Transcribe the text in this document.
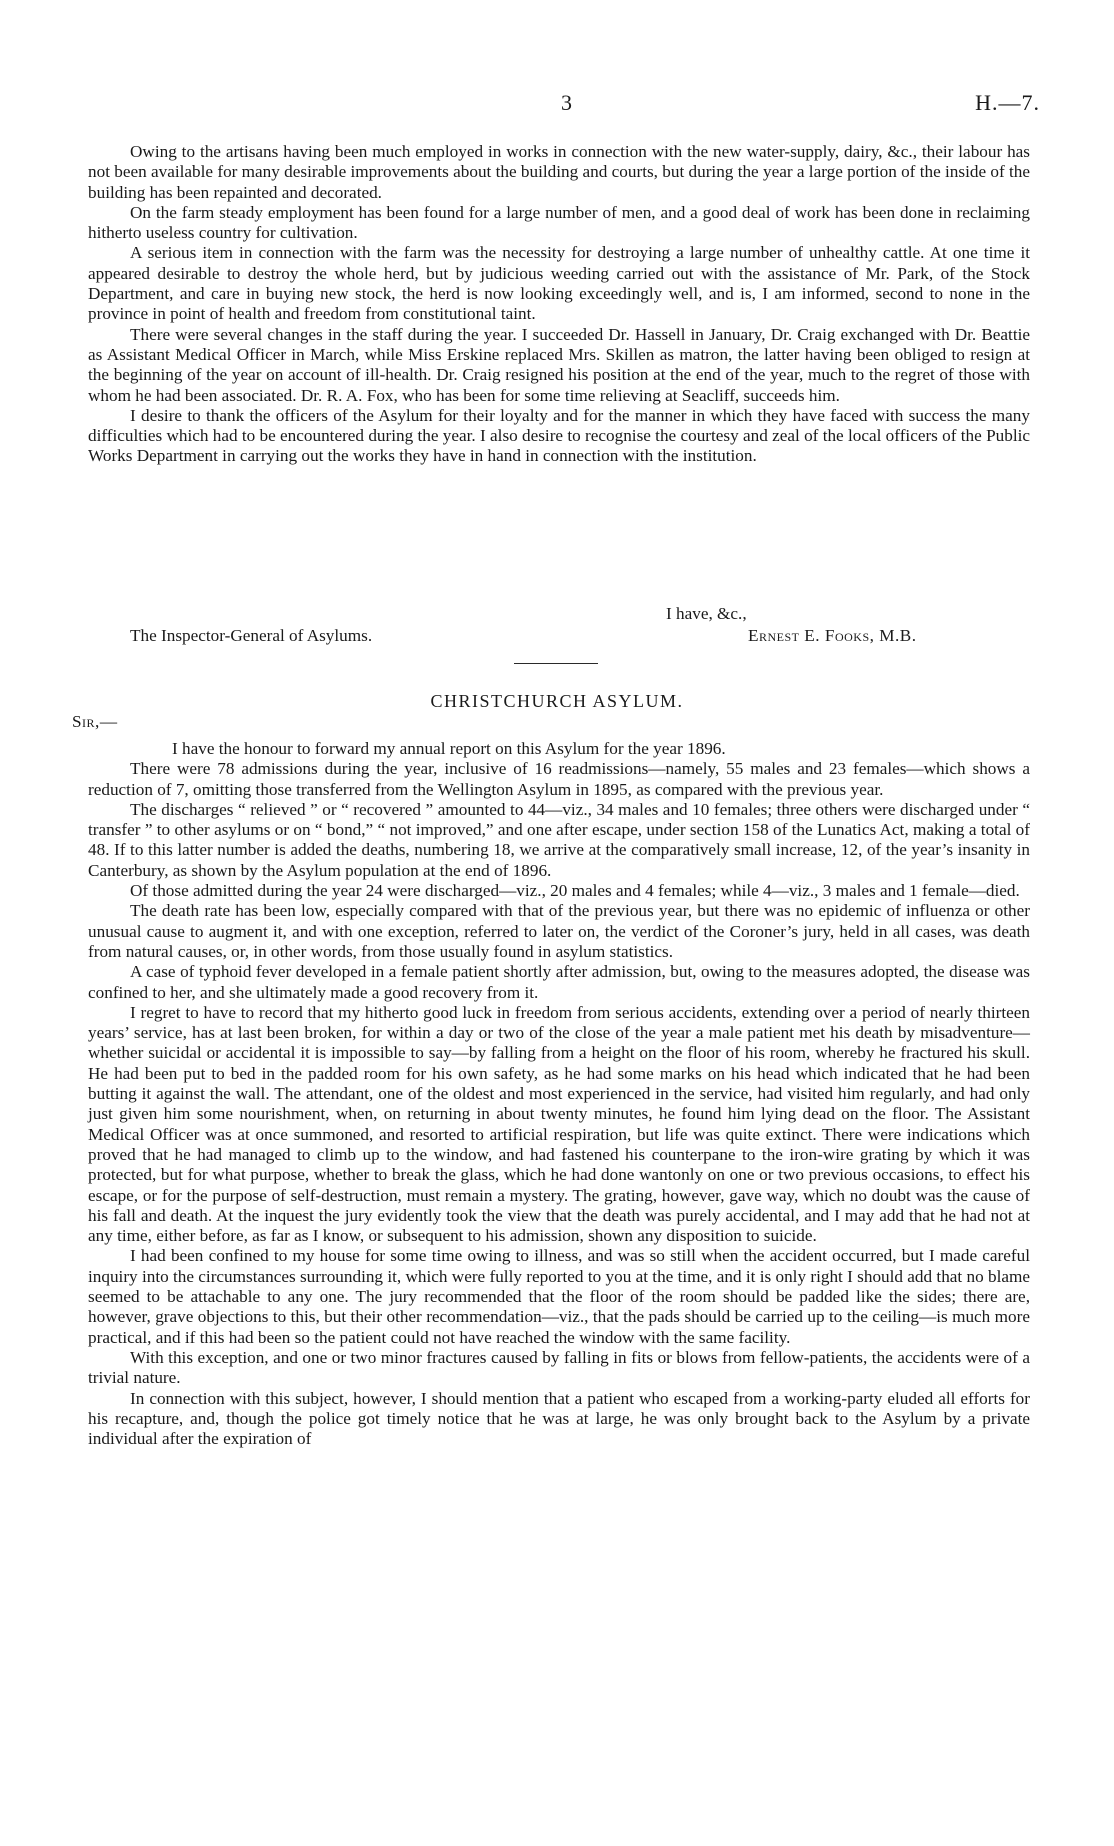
3	H.—7.

Owing to the artisans having been much employed in works in connection with the new water-supply, dairy, &c., their labour has not been available for many desirable improvements about the building and courts, but during the year a large portion of the inside of the building has been repainted and decorated.

On the farm steady employment has been found for a large number of men, and a good deal of work has been done in reclaiming hitherto useless country for cultivation.

A serious item in connection with the farm was the necessity for destroying a large number of unhealthy cattle. At one time it appeared desirable to destroy the whole herd, but by judicious weeding carried out with the assistance of Mr. Park, of the Stock Department, and care in buying new stock, the herd is now looking exceedingly well, and is, I am informed, second to none in the province in point of health and freedom from constitutional taint.

There were several changes in the staff during the year. I succeeded Dr. Hassell in January, Dr. Craig exchanged with Dr. Beattie as Assistant Medical Officer in March, while Miss Erskine replaced Mrs. Skillen as matron, the latter having been obliged to resign at the beginning of the year on account of ill-health. Dr. Craig resigned his position at the end of the year, much to the regret of those with whom he had been associated. Dr. R. A. Fox, who has been for some time relieving at Seacliff, succeeds him.

I desire to thank the officers of the Asylum for their loyalty and for the manner in which they have faced with success the many difficulties which had to be encountered during the year. I also desire to recognise the courtesy and zeal of the local officers of the Public Works Department in carrying out the works they have in hand in connection with the institution.

I have, &c.,
The Inspector-General of Asylums.	Ernest E. Fooks, M.B.
CHRISTCHURCH ASYLUM.
Sir,—

I have the honour to forward my annual report on this Asylum for the year 1896.

There were 78 admissions during the year, inclusive of 16 readmissions—namely, 55 males and 23 females—which shows a reduction of 7, omitting those transferred from the Wellington Asylum in 1895, as compared with the previous year.

The discharges “ relieved ” or “ recovered ” amounted to 44—viz., 34 males and 10 females; three others were discharged under “ transfer ” to other asylums or on “ bond,” “ not improved,” and one after escape, under section 158 of the Lunatics Act, making a total of 48. If to this latter number is added the deaths, numbering 18, we arrive at the comparatively small increase, 12, of the year’s insanity in Canterbury, as shown by the Asylum population at the end of 1896.

Of those admitted during the year 24 were discharged—viz., 20 males and 4 females; while 4—viz., 3 males and 1 female—died.

The death rate has been low, especially compared with that of the previous year, but there was no epidemic of influenza or other unusual cause to augment it, and with one exception, referred to later on, the verdict of the Coroner’s jury, held in all cases, was death from natural causes, or, in other words, from those usually found in asylum statistics.

A case of typhoid fever developed in a female patient shortly after admission, but, owing to the measures adopted, the disease was confined to her, and she ultimately made a good recovery from it.

I regret to have to record that my hitherto good luck in freedom from serious accidents, extending over a period of nearly thirteen years’ service, has at last been broken, for within a day or two of the close of the year a male patient met his death by misadventure—whether suicidal or accidental it is impossible to say—by falling from a height on the floor of his room, whereby he fractured his skull. He had been put to bed in the padded room for his own safety, as he had some marks on his head which indicated that he had been butting it against the wall. The attendant, one of the oldest and most experienced in the service, had visited him regularly, and had only just given him some nourishment, when, on returning in about twenty minutes, he found him lying dead on the floor. The Assistant Medical Officer was at once summoned, and resorted to artificial respiration, but life was quite extinct. There were indications which proved that he had managed to climb up to the window, and had fastened his counterpane to the iron-wire grating by which it was protected, but for what purpose, whether to break the glass, which he had done wantonly on one or two previous occasions, to effect his escape, or for the purpose of self-destruction, must remain a mystery. The grating, however, gave way, which no doubt was the cause of his fall and death. At the inquest the jury evidently took the view that the death was purely accidental, and I may add that he had not at any time, either before, as far as I know, or subsequent to his admission, shown any disposition to suicide.

I had been confined to my house for some time owing to illness, and was so still when the accident occurred, but I made careful inquiry into the circumstances surrounding it, which were fully reported to you at the time, and it is only right I should add that no blame seemed to be attachable to any one. The jury recommended that the floor of the room should be padded like the sides; there are, however, grave objections to this, but their other recommendation—viz., that the pads should be carried up to the ceiling—is much more practical, and if this had been so the patient could not have reached the window with the same facility.

With this exception, and one or two minor fractures caused by falling in fits or blows from fellow-patients, the accidents were of a trivial nature.

In connection with this subject, however, I should mention that a patient who escaped from a working-party eluded all efforts for his recapture, and, though the police got timely notice that he was at large, he was only brought back to the Asylum by a private individual after the expiration of
